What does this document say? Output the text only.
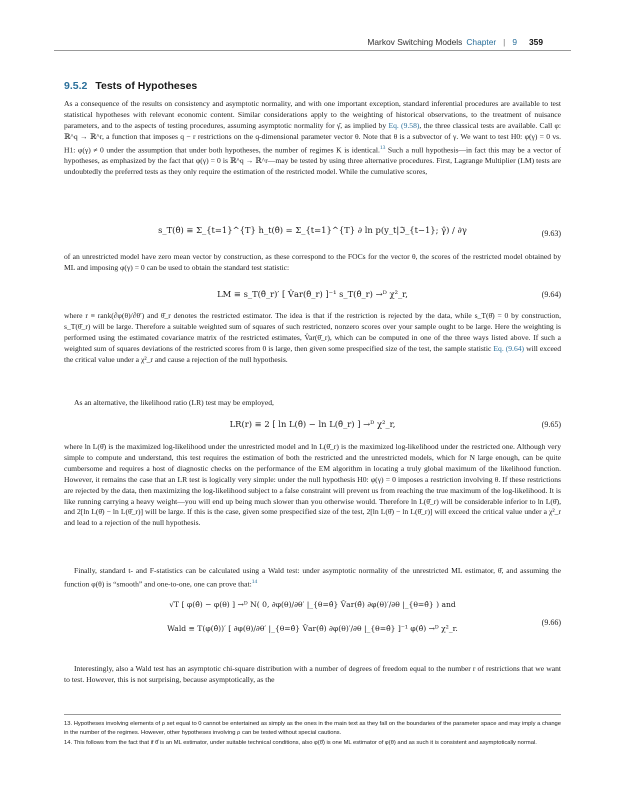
Markov Switching Models Chapter | 9 359
9.5.2 Tests of Hypotheses

As a consequence of the results on consistency and asymptotic normality, and with one important exception, standard inferential procedures are available to test statistical hypotheses with relevant economic content. Similar considerations apply to the weighting of historical observations, to the treatment of nuisance parameters, and to the aspects of testing procedures, assuming asymptotic normality for γ̂, as implied by Eq. (9.58), the three classical tests are available. Call φ: ℝ^q → ℝ^r, a function that imposes q − r restrictions on the q-dimensional parameter vector θ. Note that θ is a subvector of γ. We want to test H0: φ(γ) = 0 vs. H1: φ(γ) ≠ 0 under the assumption that under both hypotheses, the number of regimes K is identical.$^{13}$ Such a null hypothesis—in fact this may be a vector of hypotheses, as emphasized by the fact that φ(γ) = 0 is ℝ^q → ℝ^r—may be tested by using three alternative procedures. First, Lagrange Multiplier (LM) tests are undoubtedly the preferred tests as they only require the estimation of the restricted model. While the cumulative scores,

s_T(θ̂) ≡ Σ_{t=1}^{T} h_t(θ̂) = Σ_{t=1}^{T} ∂ ln p(y_t|ℑ_{t−1}; γ̂) / ∂γ	(9.63)

of an unrestricted model have zero mean vector by construction, as these correspond to the FOCs for the vector θ, the scores of the restricted model obtained by ML and imposing φ(γ) = 0 can be used to obtain the standard test statistic:

LM ≡ s_T(θ̂_r)′ [ V̂ar(θ̂_r) ]⁻¹ s_T(θ̂_r) →ᴰ χ²_r,	(9.64)

where r ≡ rank(∂φ(θ)/∂θ′) and θ̂_r denotes the restricted estimator. The idea is that if the restriction is rejected by the data, while s_T(θ̂) = 0 by construction, s_T(θ̂_r) will be large. Therefore a suitable weighted sum of squares of such restricted, nonzero scores over your sample ought to be large. Here the weighting is performed using the estimated covariance matrix of the restricted estimates, V̂ar(θ̂_r), which can be computed in one of the three ways listed above. If such a weighted sum of squares deviations of the restricted scores from 0 is large, then given some prespecified size of the test, the sample statistic Eq. (9.64) will exceed the critical value under a χ²_r and cause a rejection of the null hypothesis.

As an alternative, the likelihood ratio (LR) test may be employed,

LR(r) ≡ 2 [ ln L(θ̂) − ln L(θ̂_r) ] →ᴰ χ²_r,	(9.65)

where ln L(θ̂) is the maximized log-likelihood under the unrestricted model and ln L(θ̂_r) is the maximized log-likelihood under the restricted one. Although very simple to compute and understand, this test requires the estimation of both the restricted and the unrestricted models, which for N large enough, can be quite cumbersome and requires a host of diagnostic checks on the performance of the EM algorithm in locating a truly global maximum of the likelihood function. However, it remains the case that an LR test is logically very simple: under the null hypothesis H0: φ(γ) = 0 imposes a restriction involving θ. If these restrictions are rejected by the data, then maximizing the log-likelihood subject to a false constraint will prevent us from reaching the true maximum of the log-likelihood. It is like running carrying a heavy weight—you will end up being much slower than you otherwise would. Therefore ln L(θ̂_r) will be considerable inferior to ln L(θ̂), and 2[ln L(θ̂) − ln L(θ̂_r)] will be large. If this is the case, given some prespecified size of the test, 2[ln L(θ̂) − ln L(θ̂_r)] will exceed the critical value under a χ²_r and lead to a rejection of the null hypothesis.

Finally, standard t- and F-statistics can be calculated using a Wald test: under asymptotic normality of the unrestricted ML estimator, θ̂, and assuming the function φ(θ) is “smooth” and one-to-one, one can prove that:$^{14}$

√T [ φ(θ̂) − φ(θ) ] →ᴰ N( 0, ∂φ(θ)/∂θ′ |_{θ=θ̂} V̂ar(θ̂) ∂φ(θ)′/∂θ |_{θ=θ̂} ) and
Wald ≡ T(φ(θ̂))′ [ ∂φ(θ)/∂θ′ |_{θ=θ̂} V̂ar(θ̂) ∂φ(θ)′/∂θ |_{θ=θ̂} ]⁻¹ φ(θ̂) →ᴰ χ²_r.
(9.66)

Interestingly, also a Wald test has an asymptotic chi-square distribution with a number of degrees of freedom equal to the number r of restrictions that we want to test. However, this is not surprising, because asymptotically, as the

13. Hypotheses involving elements of ρ set equal to 0 cannot be entertained as simply as the ones in the main text as they fall on the boundaries of the parameter space and may imply a change in the number of the regimes. However, other hypotheses involving ρ can be tested without special cautions.

14. This follows from the fact that if θ̂ is an ML estimator, under suitable technical conditions, also φ(θ̂) is one ML estimator of φ(θ) and as such it is consistent and asymptotically normal.
